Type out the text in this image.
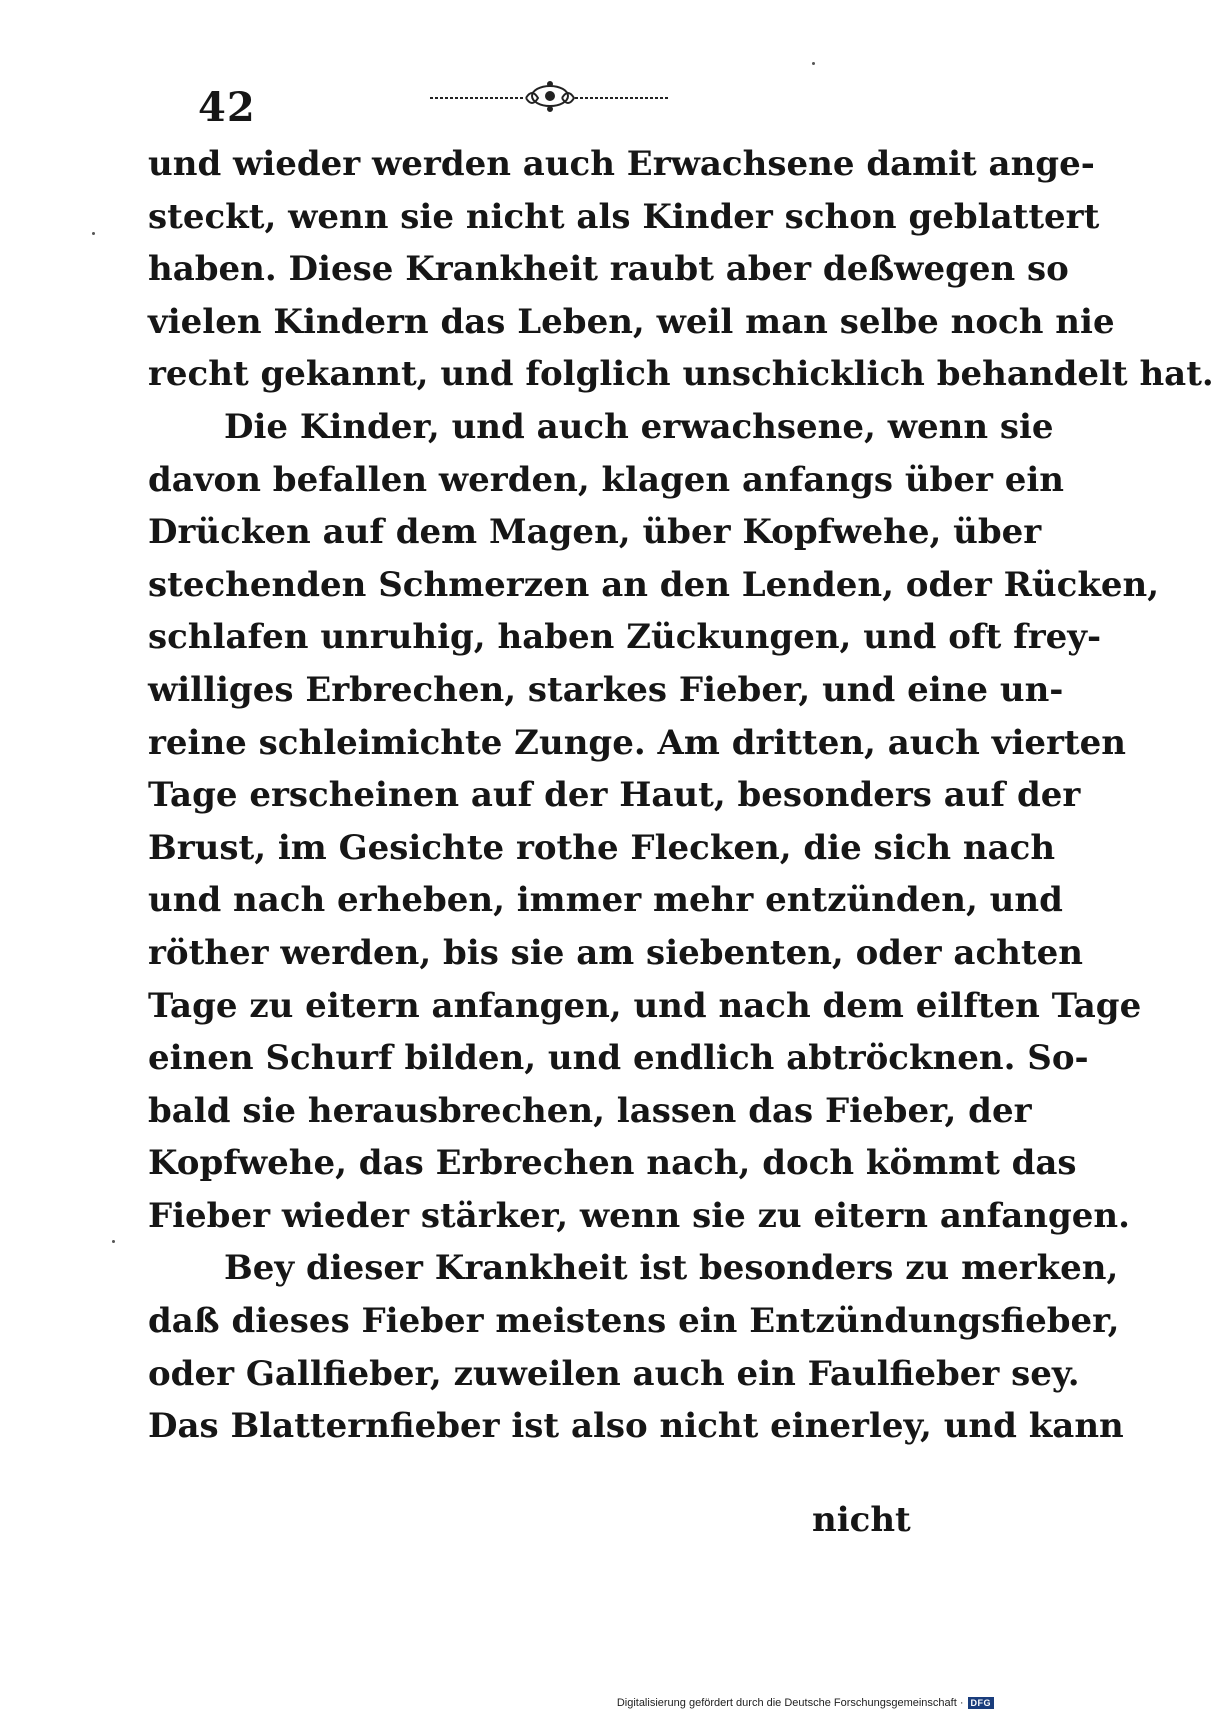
42
und wieder werden auch Erwachsene damit ange-
steckt, wenn sie nicht als Kinder schon geblattert
haben. Diese Krankheit raubt aber deßwegen so
vielen Kindern das Leben, weil man selbe noch nie
recht gekannt, und folglich unschicklich behandelt hat.
Die Kinder, und auch erwachsene, wenn sie
davon befallen werden, klagen anfangs über ein
Drücken auf dem Magen, über Kopfwehe, über
stechenden Schmerzen an den Lenden, oder Rücken,
schlafen unruhig, haben Zückungen, und oft frey-
williges Erbrechen, starkes Fieber, und eine un-
reine schleimichte Zunge. Am dritten, auch vierten
Tage erscheinen auf der Haut, besonders auf der
Brust, im Gesichte rothe Flecken, die sich nach
und nach erheben, immer mehr entzünden, und
röther werden, bis sie am siebenten, oder achten
Tage zu eitern anfangen, und nach dem eilften Tage
einen Schurf bilden, und endlich abtröcknen. So-
bald sie herausbrechen, lassen das Fieber, der
Kopfwehe, das Erbrechen nach, doch kömmt das
Fieber wieder stärker, wenn sie zu eitern anfangen.
Bey dieser Krankheit ist besonders zu merken,
daß dieses Fieber meistens ein Entzündungsfieber,
oder Gallfieber, zuweilen auch ein Faulfieber sey.
Das Blatternfieber ist also nicht einerley, und kann
nicht
Digitalisierung gefördert durch die Deutsche Forschungsgemeinschaft · DFG
